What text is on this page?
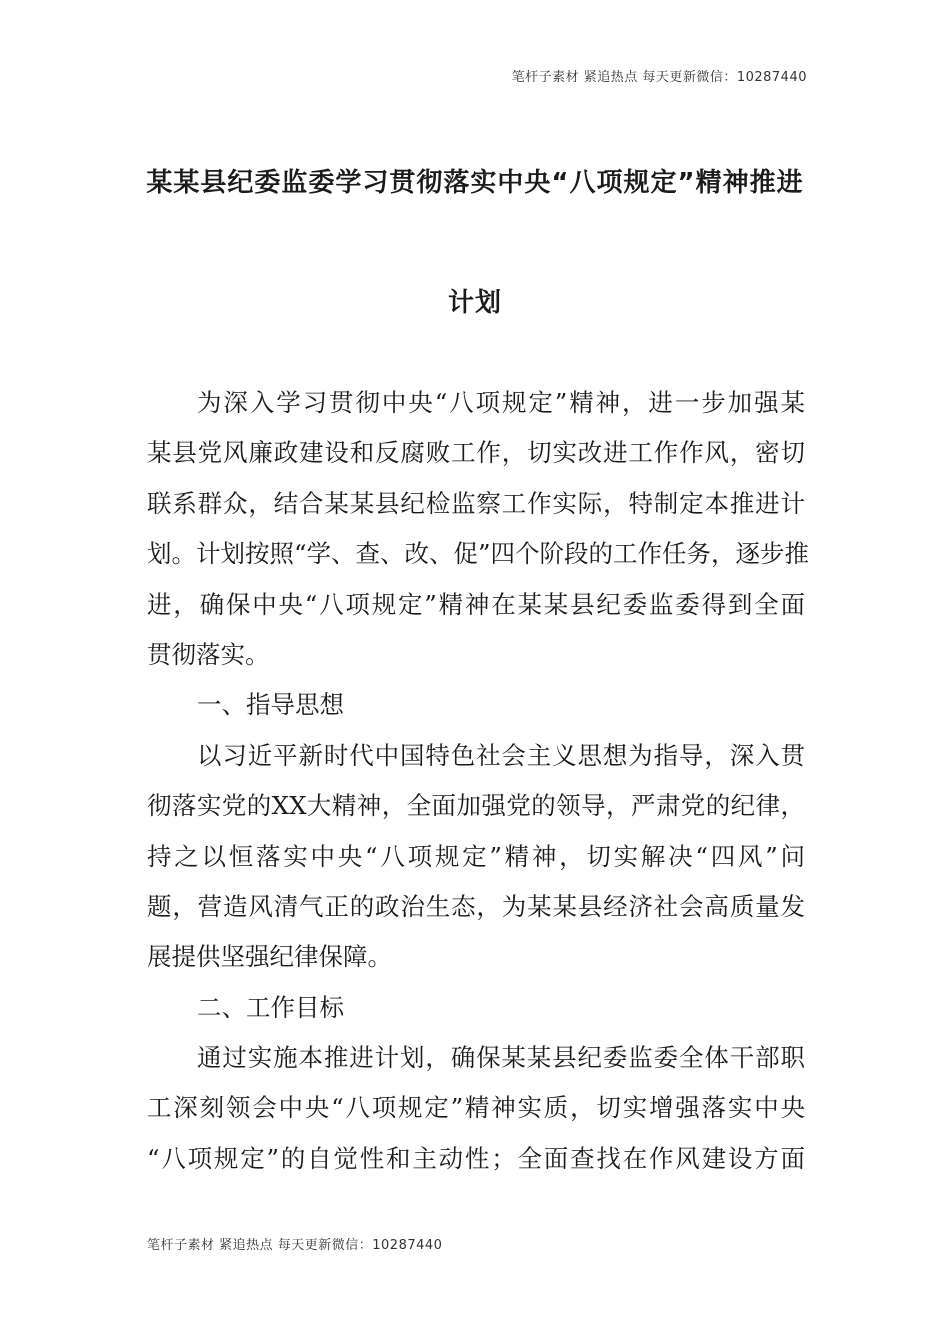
笔杆子素材 紧追热点 每天更新微信：10287440
某某县纪委监委学习贯彻落实中央“八项规定”精神推进
计划
为深入学习贯彻中央“八项规定”精神，进一步加强某
某县党风廉政建设和反腐败工作，切实改进工作作风，密切
联系群众，结合某某县纪检监察工作实际，特制定本推进计
划。计划按照“学、查、改、促”四个阶段的工作任务，逐步推
进，确保中央“八项规定”精神在某某县纪委监委得到全面
贯彻落实。
一、指导思想
以习近平新时代中国特色社会主义思想为指导，深入贯
彻落实党的XX大精神，全面加强党的领导，严肃党的纪律，
持之以恒落实中央“八项规定”精神，切实解决“四风”问
题，营造风清气正的政治生态，为某某县经济社会高质量发
展提供坚强纪律保障。
二、工作目标
通过实施本推进计划，确保某某县纪委监委全体干部职
工深刻领会中央“八项规定”精神实质，切实增强落实中央
“八项规定”的自觉性和主动性；全面查找在作风建设方面
笔杆子素材 紧追热点 每天更新微信：10287440
